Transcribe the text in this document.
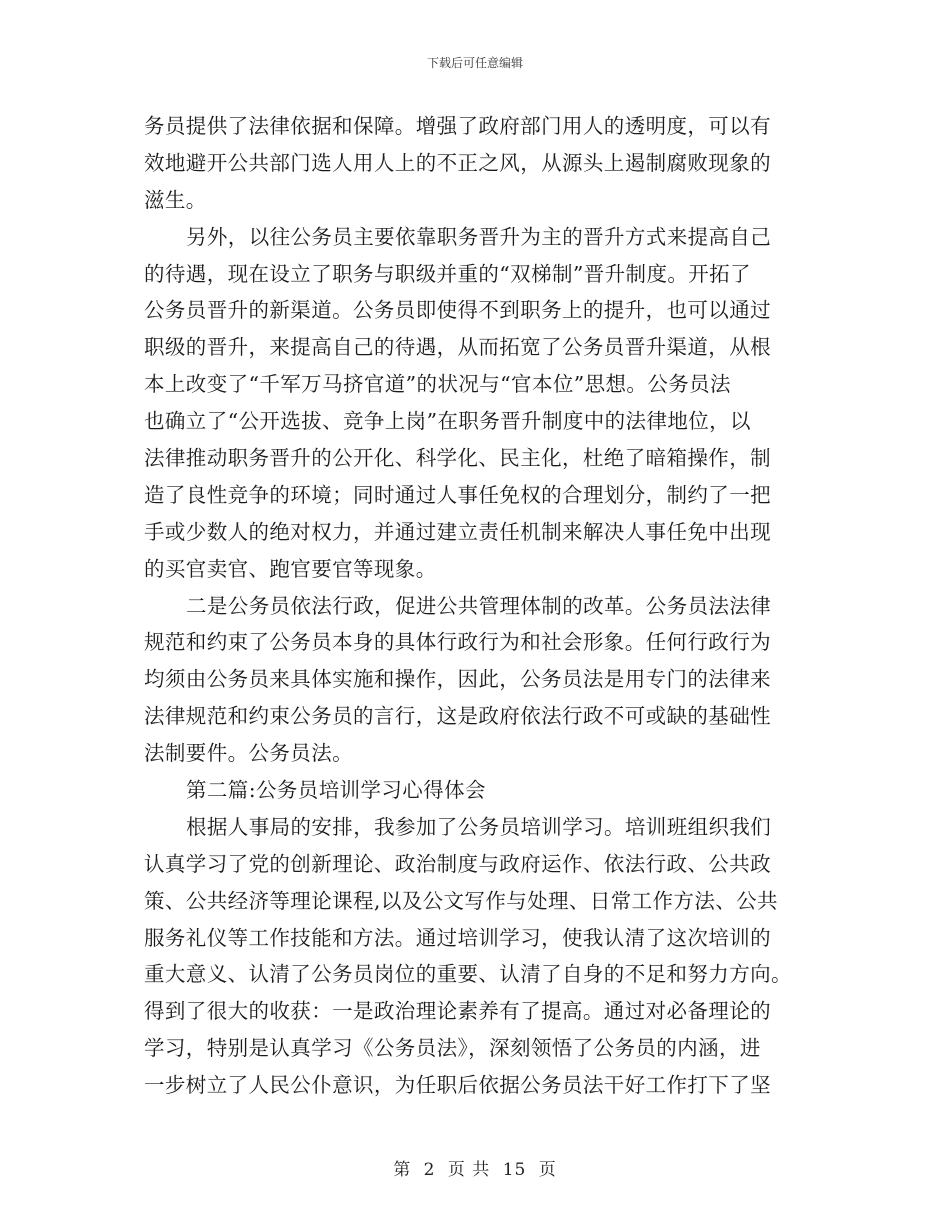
下载后可任意编辑
务员提供了法律依据和保障。增强了政府部门用人的透明度，可以有
效地避开公共部门选人用人上的不正之风，从源头上遏制腐败现象的
滋生。
另外，以往公务员主要依靠职务晋升为主的晋升方式来提高自己
的待遇，现在设立了职务与职级并重的“双梯制”晋升制度。开拓了
公务员晋升的新渠道。公务员即使得不到职务上的提升，也可以通过
职级的晋升，来提高自己的待遇，从而拓宽了公务员晋升渠道，从根
本上改变了“千军万马挤官道”的状况与“官本位”思想。公务员法
也确立了“公开选拔、竞争上岗”在职务晋升制度中的法律地位，以
法律推动职务晋升的公开化、科学化、民主化，杜绝了暗箱操作，制
造了良性竞争的环境；同时通过人事任免权的合理划分，制约了一把
手或少数人的绝对权力，并通过建立责任机制来解决人事任免中出现
的买官卖官、跑官要官等现象。
二是公务员依法行政，促进公共管理体制的改革。公务员法法律
规范和约束了公务员本身的具体行政行为和社会形象。任何行政行为
均须由公务员来具体实施和操作，因此，公务员法是用专门的法律来
法律规范和约束公务员的言行，这是政府依法行政不可或缺的基础性
法制要件。公务员法。
第二篇:公务员培训学习心得体会
根据人事局的安排，我参加了公务员培训学习。培训班组织我们
认真学习了党的创新理论、政治制度与政府运作、依法行政、公共政
策、公共经济等理论课程,以及公文写作与处理、日常工作方法、公共
服务礼仪等工作技能和方法。通过培训学习，使我认清了这次培训的
重大意义、认清了公务员岗位的重要、认清了自身的不足和努力方向。
得到了很大的收获：一是政治理论素养有了提高。通过对必备理论的
学习，特别是认真学习《公务员法》，深刻领悟了公务员的内涵，进
一步树立了人民公仆意识，为任职后依据公务员法干好工作打下了坚
第 2 页 共 15 页
